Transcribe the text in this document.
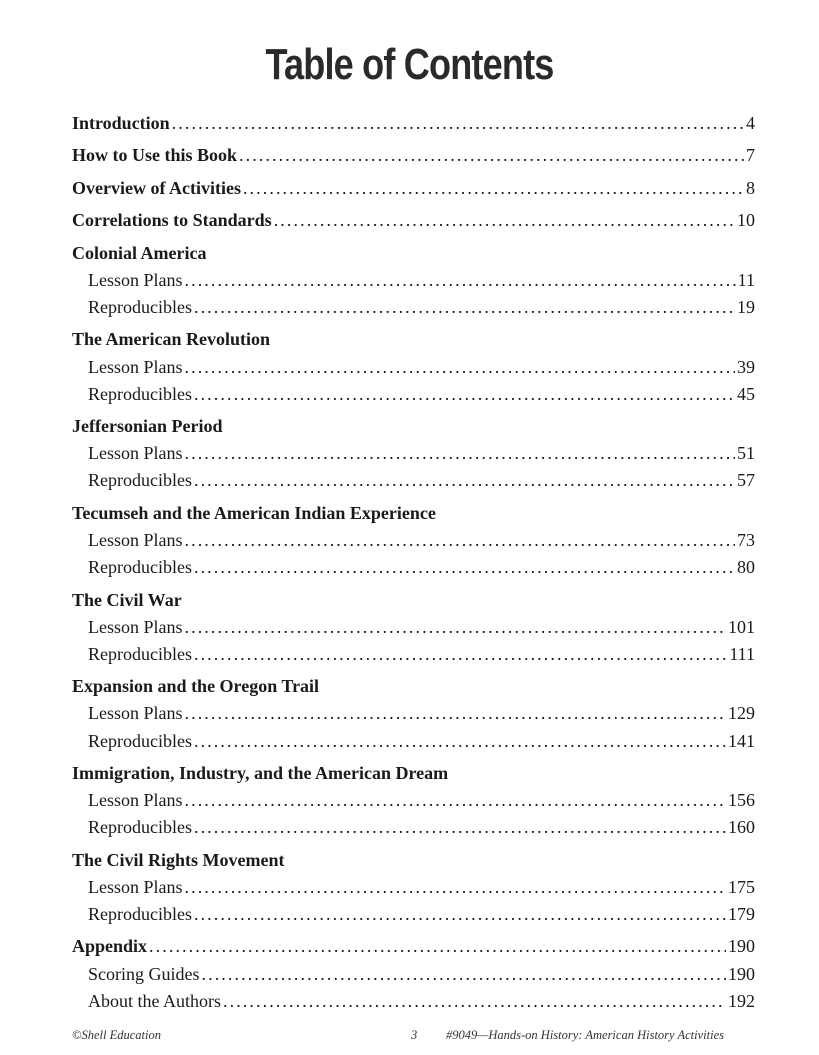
Table of Contents
Introduction . . .	4
How to Use this Book . . .	7
Overview of Activities . . .	8
Correlations to Standards . . .	10
Colonial America
Lesson Plans . . .	11
Reproducibles . . .	19
The American Revolution
Lesson Plans . . .	39
Reproducibles . . .	45
Jeffersonian Period
Lesson Plans . . .	51
Reproducibles . . .	57
Tecumseh and the American Indian Experience
Lesson Plans . . .	73
Reproducibles . . .	80
The Civil War
Lesson Plans . . .	101
Reproducibles . . .	111
Expansion and the Oregon Trail
Lesson Plans . . .	129
Reproducibles . . .	141
Immigration, Industry, and the American Dream
Lesson Plans . . .	156
Reproducibles . . .	160
The Civil Rights Movement
Lesson Plans . . .	175
Reproducibles . . .	179
Appendix . . .	190
Scoring Guides . . .	190
About the Authors . . .	192
©Shell Education	3 #9049—Hands-on History: American History Activities
